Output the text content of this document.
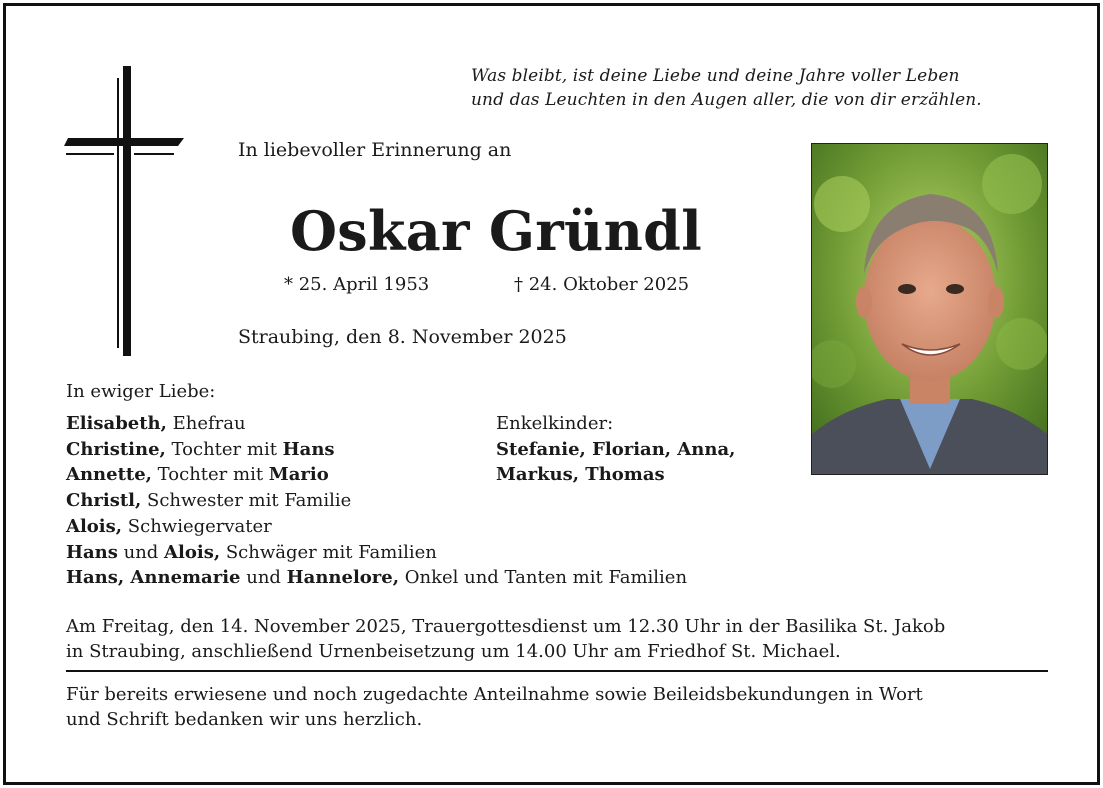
Was bleibt, ist deine Liebe und deine Jahre voller Leben
und das Leuchten in den Augen aller, die von dir erzählen.
In liebevoller Erinnerung an
Oskar Gründl
* 25. April 1953	† 24. Oktober 2025
Straubing, den 8. November 2025
In ewiger Liebe:
Elisabeth, Ehefrau
Christine, Tochter mit Hans
Annette, Tochter mit Mario
Christl, Schwester mit Familie
Alois, Schwiegervater
Hans und Alois, Schwäger mit Familien
Hans, Annemarie und Hannelore, Onkel und Tanten mit Familien
Enkelkinder:
Stefanie, Florian, Anna,
Markus, Thomas
Am Freitag, den 14. November 2025, Trauergottesdienst um 12.30 Uhr in der Basilika St. Jakob
in Straubing, anschließend Urnenbeisetzung um 14.00 Uhr am Friedhof St. Michael.
Für bereits erwiesene und noch zugedachte Anteilnahme sowie Beileidsbekundungen in Wort
und Schrift bedanken wir uns herzlich.
